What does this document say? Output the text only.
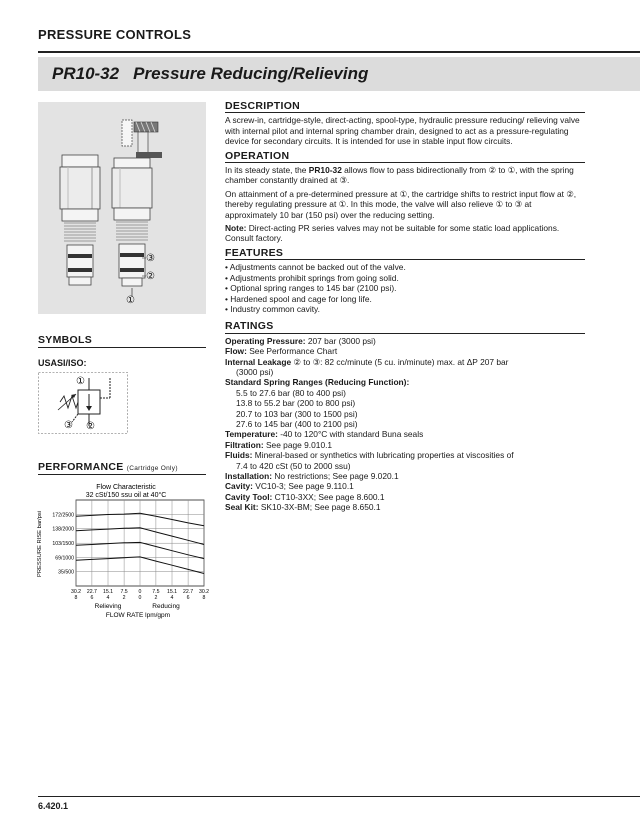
PRESSURE CONTROLS
PR10-32 Pressure Reducing/Relieving
③
②
①
SYMBOLS
USASI/ISO:
①
③ ②
PERFORMANCE (Cartridge Only)
Flow Characteristic
32 cSt/150 ssu oil at 40°C
PRESSURE RISE bar/psi	35/500
69/1000
103/1500
138/2000
172/2500
30.2
8
22.7
6
15.1
4
7.5
2
0
0
7.5
2
15.1
4
22.7
6
30.2
8
Relieving	Reducing
FLOW RATE lpm/gpm
DESCRIPTION

A screw-in, cartridge-style, direct-acting, spool-type, hydraulic pressure reducing/ relieving valve with internal pilot and internal spring chamber drain, designed to act as a pressure-regulating device for secondary circuits. It is intended for use in stable input flow circuits.

OPERATION

In its steady state, the PR10-32 allows flow to pass bidirectionally from ② to ①, with the spring chamber constantly drained at ③.

On attainment of a pre-determined pressure at ①, the cartridge shifts to restrict input flow at ②, thereby regulating pressure at ①. In this mode, the valve will also relieve ① to ③ at approximately 10 bar (150 psi) over the reducing setting.

Note: Direct-acting PR series valves may not be suitable for some static load applications. Consult factory.

FEATURES
• Adjustments cannot be backed out of the valve.
• Adjustments prohibit springs from going solid.
• Optional spring ranges to 145 bar (2100 psi).
• Hardened spool and cage for long life.
• Industry common cavity.
RATINGS
Operating Pressure: 207 bar (3000 psi)
Flow: See Performance Chart
Internal Leakage ② to ③: 82 cc/minute (5 cu. in/minute) max. at ΔP 207 bar
(3000 psi)
Standard Spring Ranges (Reducing Function):
5.5 to 27.6 bar (80 to 400 psi)
13.8 to 55.2 bar (200 to 800 psi)
20.7 to 103 bar (300 to 1500 psi)
27.6 to 145 bar (400 to 2100 psi)
Temperature: -40 to 120°C with standard Buna seals
Filtration: See page 9.010.1
Fluids: Mineral-based or synthetics with lubricating properties at viscosities of
7.4 to 420 cSt (50 to 2000 ssu)
Installation: No restrictions; See page 9.020.1
Cavity: VC10-3; See page 9.110.1
Cavity Tool: CT10-3XX; See page 8.600.1
Seal Kit: SK10-3X-BM; See page 8.650.1
6.420.1
